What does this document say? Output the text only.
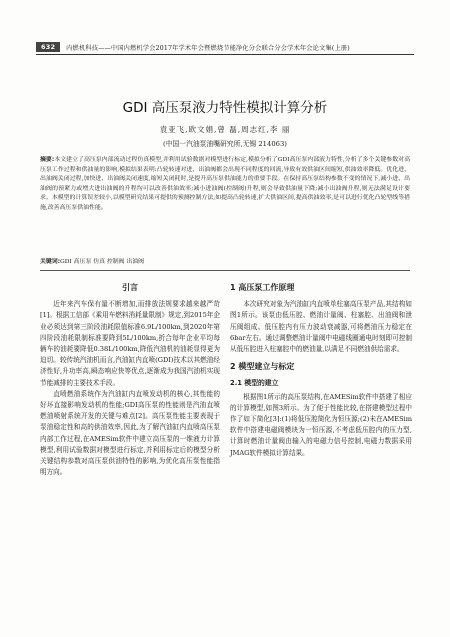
632	内燃机科技——中国内燃机学会2017年学术年会暨燃烧节能净化分会联合分会学术年会论文集(上册)
GDI 高压泵液力特性模拟计算分析
袁亚飞,欧文娟,曾 磊,周志红,李 丽
(中国一汽油泵油嘴研究所,无锡 214063)
摘要:本文建立了高压泵内部流动过程仿真模型,并利用试验数据对模型进行标定,模拟分析了GDI高压泵内部液力特性,分析了多个关键参数对高压泵工作过程和供油量的影响,模拟结果表明:凸轮转速对进、出油阀都会出现不同程度的回流,导致有效供油区间缩短,供油效率降低。优化进、出油阀关闭过程,加快进、出油阀关闭速度,缩短关闭耗时,是提升高压泵供油能力的重要手段。在保持高压泵结构参数不变的情况下,减小进、出油阀的预紧力或增大进出油阀的升程均可以改善供油效率;减小进油阀(控制阀)升程,则会导致供油量下降;减小出油阀升程,则无法满足设计要求。本模型的计算误差较小,以模型研究结果可提供的预测控制方法,如提高凸轮转速,扩大供油区间,提高供油效率,是可以进行优化凸轮型线等措施,改善高压泵供油性能。
关键词:GDI 高压泵 仿真 控制阀 出油阀
引言

近年来汽车保有量不断增加,而排放法规要求越来越严苛[1]。根据工信部《乘用车燃料消耗量限制》规定,到2015年企业必须达到第三阶段油耗限值标准6.9L/100km,到2020年第四阶段油耗限制标准要降到5L/100km,折合每年企业平均每辆车的油耗要降低0.38L/100km,降低汽油机的油耗显得更为迫切。较传统汽油机而言,汽油缸内直喷(GDI)技术以其燃油经济性好,升功率高,瞬态响应快等优点,逐渐成为我国汽油机实现节能减排的主要技术手段。

直喷燃油系统作为汽油缸内直喷发动机的核心,其性能的好坏直接影响发动机的性能;GDI高压泵的性能则是汽油直喷燃油喷射系统开发的关键与难点[2]。高压泵性能主要表现于泵油稳定性和高的供油效率,因此,为了解汽油缸内直喷高压泵内部工作过程,在AMESim软件中建立高压泵的一维液力计算模型,利用试验数据对模型进行标定,并利用标定后的模型分析关键结构参数对高压泵供油特性的影响,为优化高压泵性能指明方向。

1 高压泵工作原理

本次研究对象为汽油缸内直喷单柱塞高压泵产品,其结构如图1所示。该泵由低压腔、燃油计量阀、柱塞腔、出油阀和泄压阀组成。低压腔内有压力波动衰减器,可将燃油压力稳定在6bar左右。通过调整燃油计量阀中电磁线圈通电时刻即可控制从低压腔进入柱塞腔中的燃油量,以满足不同燃油供给需求。

2 模型建立与标定
2.1 模型的建立

根据图1所示的高压泵结构,在AMESim软件中搭建了相应的计算模型,如图3所示。为了便于性能比较,在搭建模型过程中作了如下简化[3]:(1)将低压腔简化为恒压源;(2)未在AMESim软件中搭建电磁阀模块为一恒压源,不考虑低压腔内的压力型,计算时燃油计量阀由输入的电磁力信号控制,电磁力数据采用JMAG软件模拟计算结果。
